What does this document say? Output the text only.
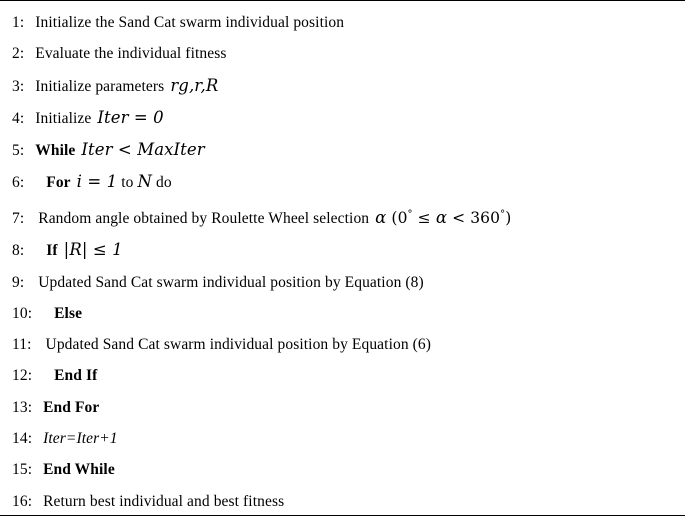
1: Initialize the Sand Cat swarm individual position
2: Evaluate the individual fitness
3: Initialize parameters rg,r,R
4: Initialize Iter = 0
5: While Iter < MaxIter
6: For i = 1 to N do
7: Random angle obtained by Roulette Wheel selection α (0° ≤ α < 360°)
8: If |R| ≤ 1
9: Updated Sand Cat swarm individual position by Equation (8)
10: Else
11: Updated Sand Cat swarm individual position by Equation (6)
12: End If
13: End For
14: Iter=Iter+1
15: End While
16: Return best individual and best fitness
